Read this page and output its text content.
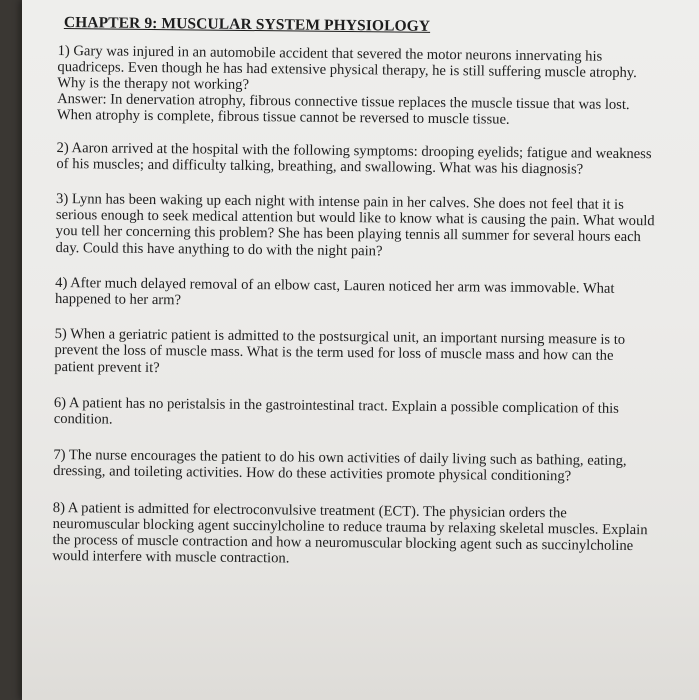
CHAPTER 9: MUSCULAR SYSTEM PHYSIOLOGY
1) Gary was injured in an automobile accident that severed the motor neurons innervating his quadriceps. Even though he has had extensive physical therapy, he is still suffering muscle atrophy. Why is the therapy not working?
Answer: In denervation atrophy, fibrous connective tissue replaces the muscle tissue that was lost. When atrophy is complete, fibrous tissue cannot be reversed to muscle tissue.
2) Aaron arrived at the hospital with the following symptoms: drooping eyelids; fatigue and weakness of his muscles; and difficulty talking, breathing, and swallowing. What was his diagnosis?
3) Lynn has been waking up each night with intense pain in her calves. She does not feel that it is serious enough to seek medical attention but would like to know what is causing the pain. What would you tell her concerning this problem? She has been playing tennis all summer for several hours each day. Could this have anything to do with the night pain?
4) After much delayed removal of an elbow cast, Lauren noticed her arm was immovable. What happened to her arm?
5) When a geriatric patient is admitted to the postsurgical unit, an important nursing measure is to prevent the loss of muscle mass. What is the term used for loss of muscle mass and how can the patient prevent it?
6) A patient has no peristalsis in the gastrointestinal tract. Explain a possible complication of this condition.
7) The nurse encourages the patient to do his own activities of daily living such as bathing, eating, dressing, and toileting activities. How do these activities promote physical conditioning?
8) A patient is admitted for electroconvulsive treatment (ECT). The physician orders the neuromuscular blocking agent succinylcholine to reduce trauma by relaxing skeletal muscles. Explain the process of muscle contraction and how a neuromuscular blocking agent such as succinylcholine would interfere with muscle contraction.
